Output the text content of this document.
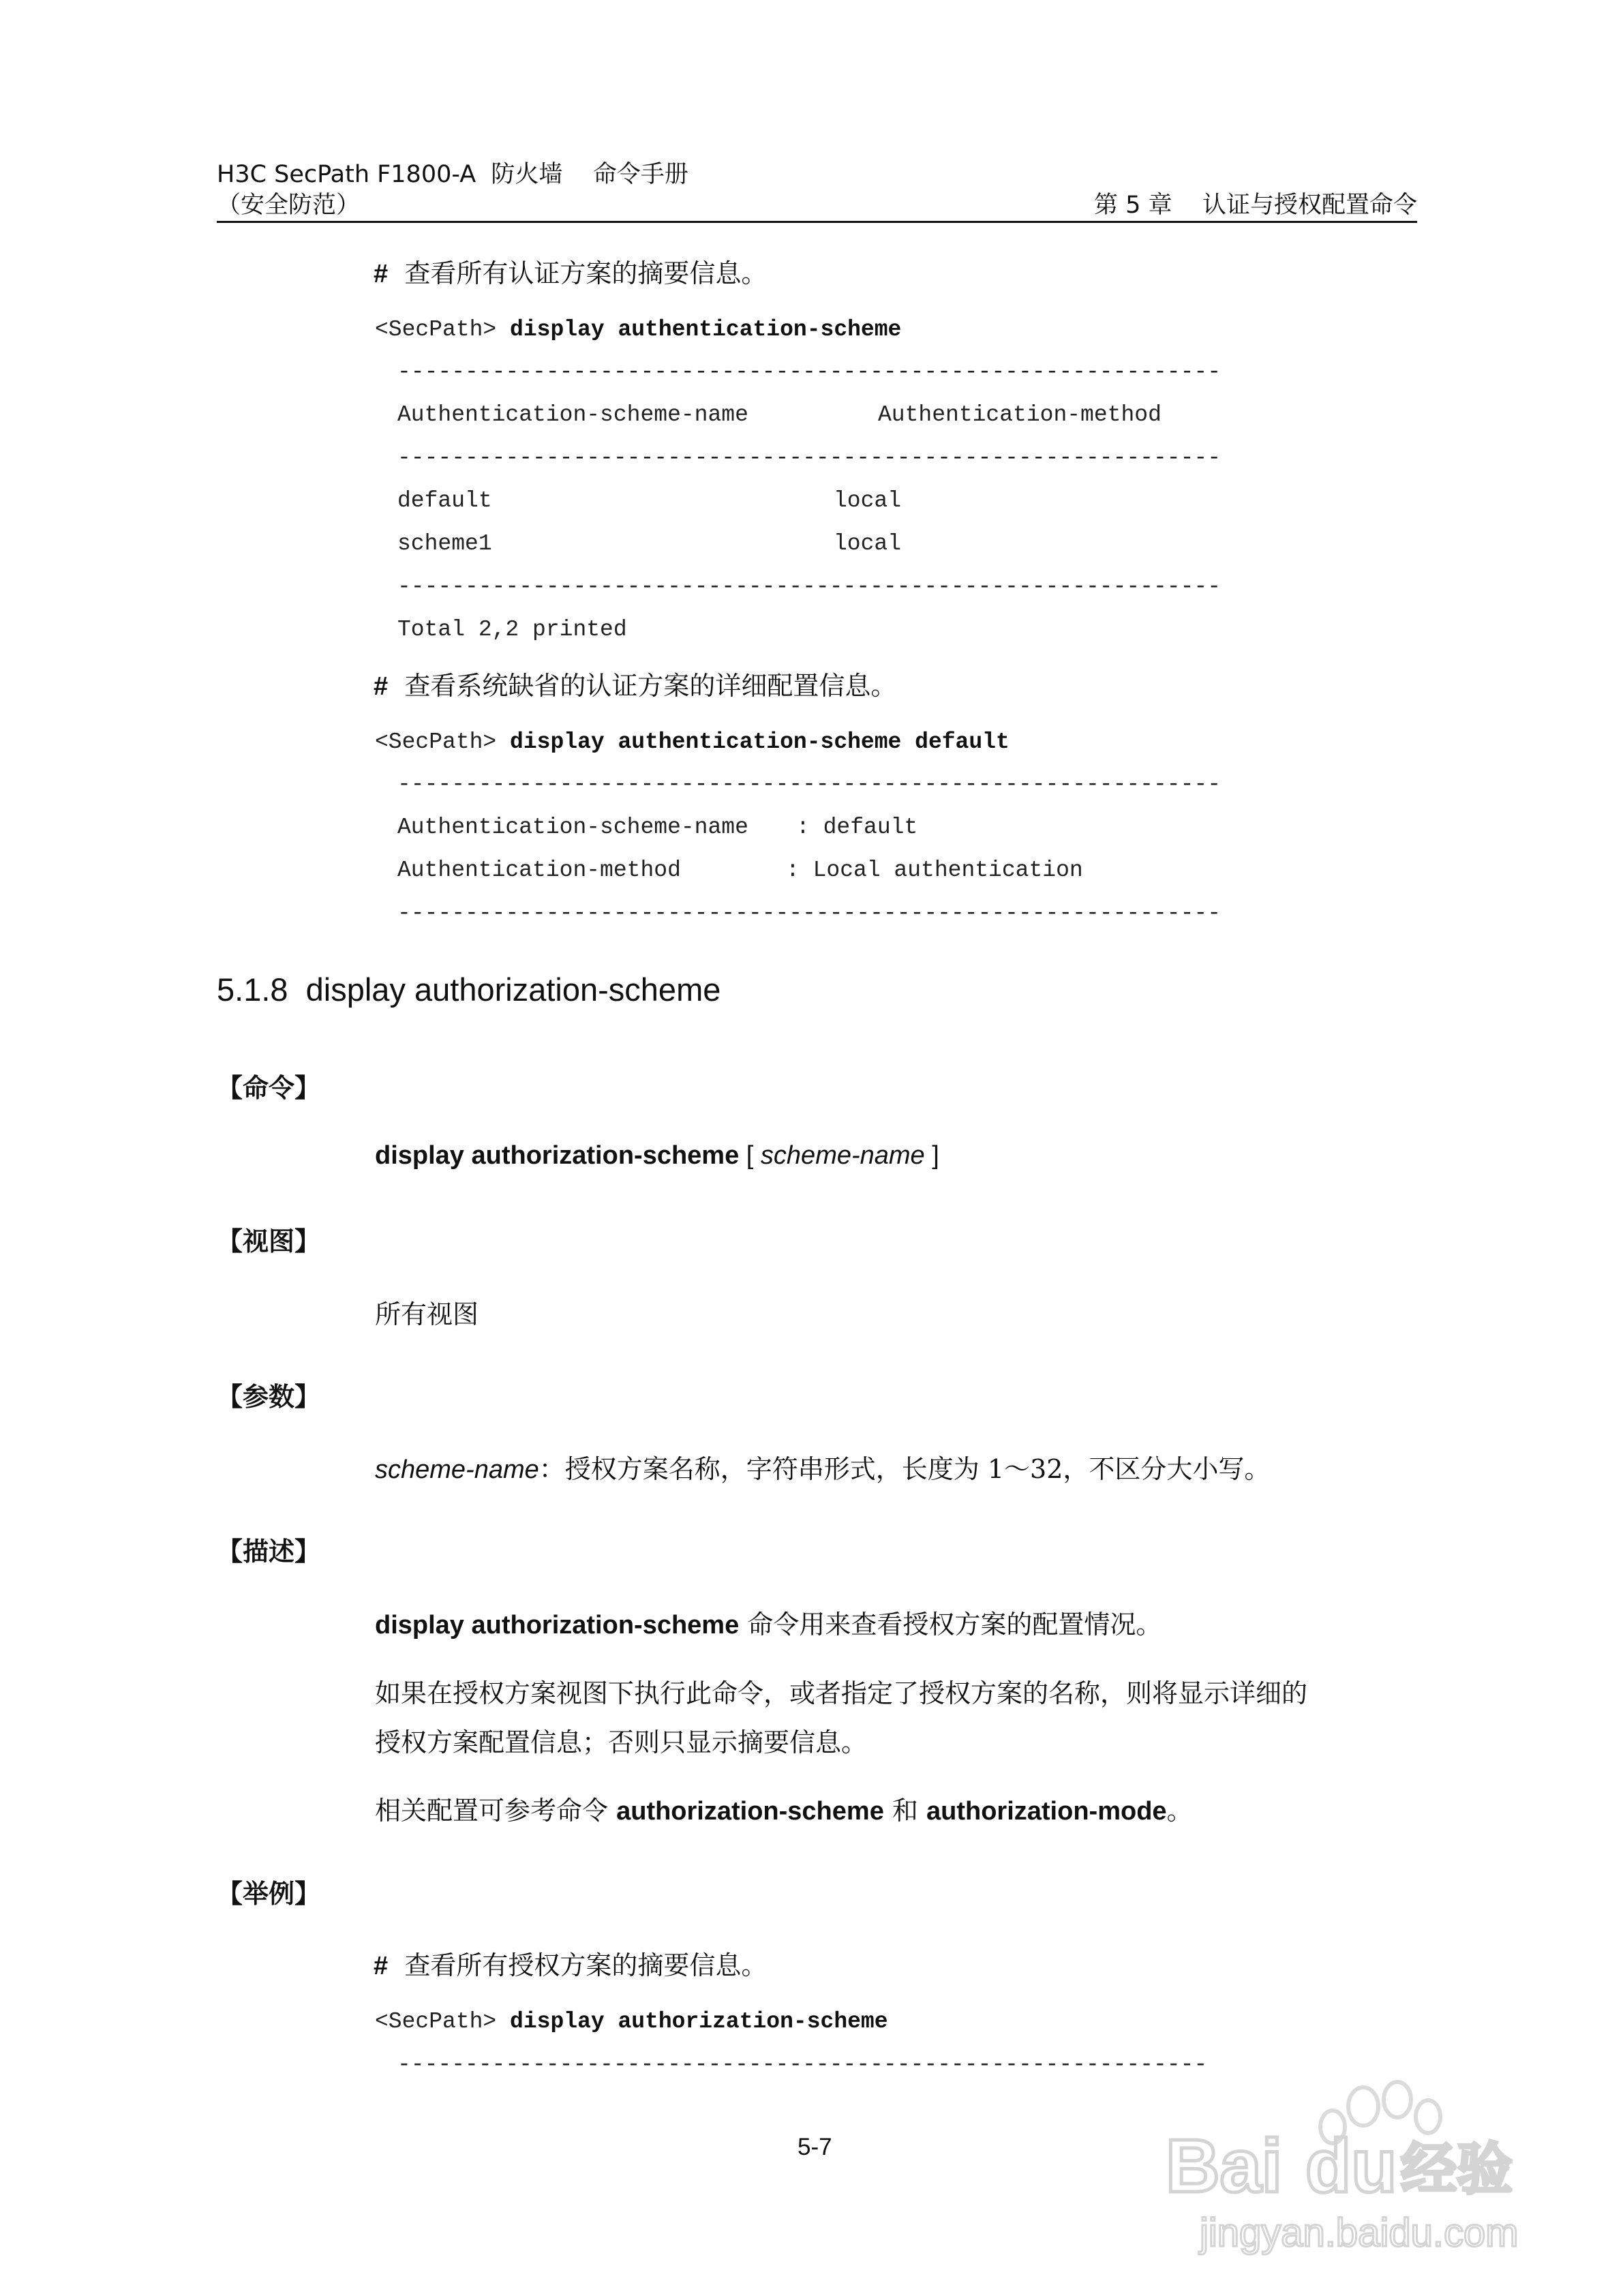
H3C SecPath F1800-A  防火墙    命令手册
（安全防范）	第 5 章    认证与授权配置命令
# 查看所有认证方案的摘要信息。
<SecPath> display authentication-scheme
-------------------------------------------------------------
Authentication-scheme-name	Authentication-method
-------------------------------------------------------------
default	local
scheme1	local
-------------------------------------------------------------
Total 2,2 printed
# 查看系统缺省的认证方案的详细配置信息。
<SecPath> display authentication-scheme default
-------------------------------------------------------------
Authentication-scheme-name : default
Authentication-method	: Local authentication
-------------------------------------------------------------
5.1.8  display authorization-scheme
【命令】
display authorization-scheme [ scheme-name ]
【视图】
所有视图
【参数】
scheme-name：授权方案名称，字符串形式，长度为 1～32，不区分大小写。
【描述】
display authorization-scheme 命令用来查看授权方案的配置情况。
如果在授权方案视图下执行此命令，或者指定了授权方案的名称，则将显示详细的
授权方案配置信息；否则只显示摘要信息。
相关配置可参考命令 authorization-scheme 和 authorization-mode。
【举例】
# 查看所有授权方案的摘要信息。
<SecPath> display authorization-scheme
------------------------------------------------------------
5-7	Bai du 经验
jingyan.baidu.com
